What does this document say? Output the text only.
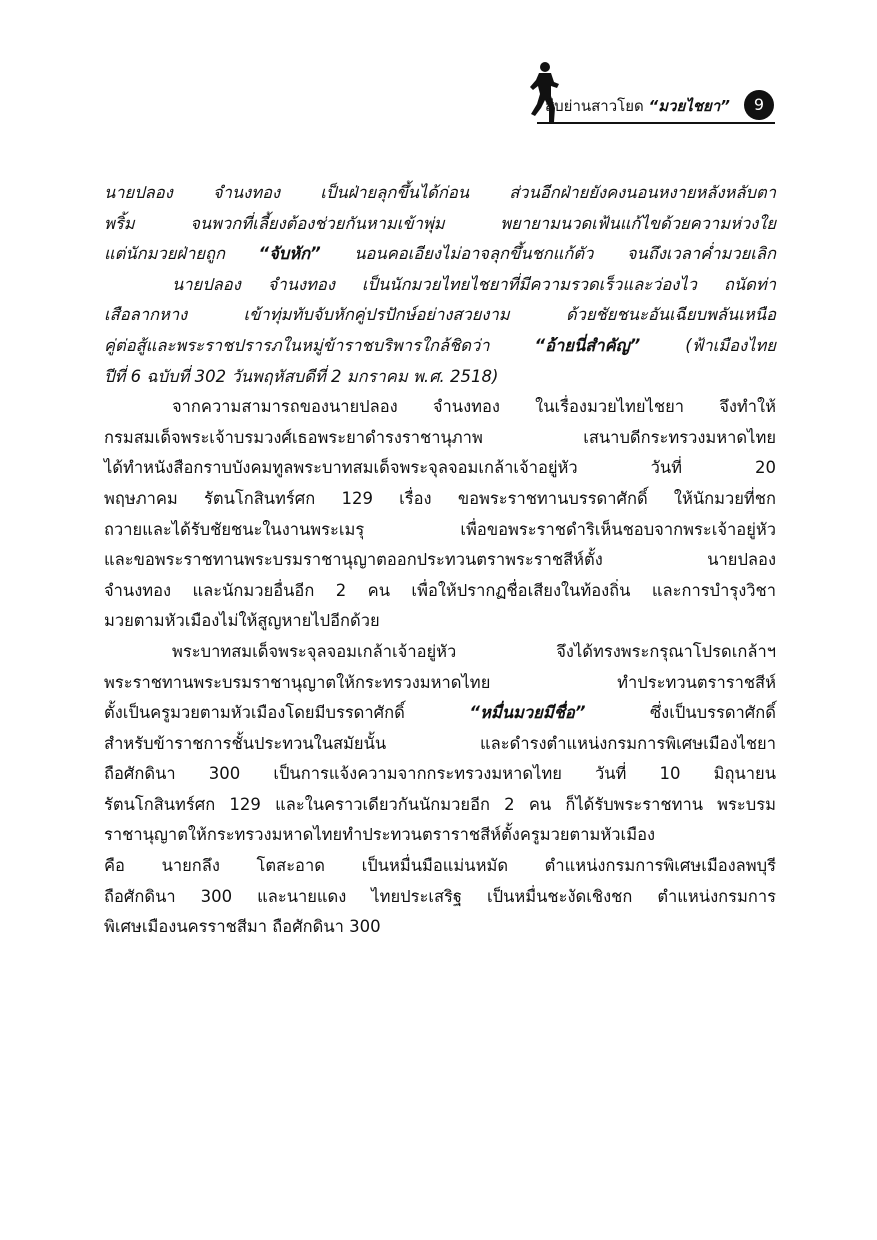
สืบย่านสาวโยด “มวยไชยา”	9
นายปลอง จำนงทอง เป็นฝ่ายลุกขึ้นได้ก่อน ส่วนอีกฝ่ายยังคงนอนหงายหลังหลับตา
พริ้ม จนพวกที่เลี้ยงต้องช่วยกันหามเข้าพุ่ม พยายามนวดเฟ้นแก้ไขด้วยความห่วงใย
แต่นักมวยฝ่ายถูก “จับหัก” นอนคอเอียงไม่อาจลุกขึ้นชกแก้ตัว จนถึงเวลาค่ำมวยเลิก
นายปลอง จำนงทอง เป็นนักมวยไทยไชยาที่มีความรวดเร็วและว่องไว ถนัดท่า
เสือลากหาง เข้าทุ่มทับจับหักคู่ปรปักษ์อย่างสวยงาม ด้วยชัยชนะอันเฉียบพลันเหนือ
คู่ต่อสู้และพระราชปรารภในหมู่ข้าราชบริพารใกล้ชิดว่า “อ้ายนี่สำคัญ” (ฟ้าเมืองไทย
ปีที่ 6 ฉบับที่ 302 วันพฤหัสบดีที่ 2 มกราคม พ.ศ. 2518)
จากความสามารถของนายปลอง จำนงทอง ในเรื่องมวยไทยไชยา จึงทำให้
กรมสมเด็จพระเจ้าบรมวงศ์เธอพระยาดำรงราชานุภาพ เสนาบดีกระทรวงมหาดไทย
ได้ทำหนังสือกราบบังคมทูลพระบาทสมเด็จพระจุลจอมเกล้าเจ้าอยู่หัว วันที่ 20
พฤษภาคม รัตนโกสินทร์ศก 129 เรื่อง ขอพระราชทานบรรดาศักดิ์ ให้นักมวยที่ชก
ถวายและได้รับชัยชนะในงานพระเมรุ เพื่อขอพระราชดำริเห็นชอบจากพระเจ้าอยู่หัว
และขอพระราชทานพระบรมราชานุญาตออกประทวนตราพระราชสีห์ตั้ง นายปลอง
จำนงทอง และนักมวยอื่นอีก 2 คน เพื่อให้ปรากฏชื่อเสียงในท้องถิ่น และการบำรุงวิชา
มวยตามหัวเมืองไม่ให้สูญหายไปอีกด้วย
พระบาทสมเด็จพระจุลจอมเกล้าเจ้าอยู่หัว จึงได้ทรงพระกรุณาโปรดเกล้าฯ
พระราชทานพระบรมราชานุญาตให้กระทรวงมหาดไทย ทำประทวนตราราชสีห์
ตั้งเป็นครูมวยตามหัวเมืองโดยมีบรรดาศักดิ์ “หมื่นมวยมีชื่อ” ซึ่งเป็นบรรดาศักดิ์
สำหรับข้าราชการชั้นประทวนในสมัยนั้น และดำรงตำแหน่งกรมการพิเศษเมืองไชยา
ถือศักดินา 300 เป็นการแจ้งความจากกระทรวงมหาดไทย วันที่ 10 มิถุนายน
รัตนโกสินทร์ศก 129 และในคราวเดียวกันนักมวยอีก 2 คน ก็ได้รับพระราชทาน พระบรม
ราชานุญาตให้กระทรวงมหาดไทยทำประทวนตราราชสีห์ตั้งครูมวยตามหัวเมือง
คือ นายกลึง โตสะอาด เป็นหมื่นมือแม่นหมัด ตำแหน่งกรมการพิเศษเมืองลพบุรี
ถือศักดินา 300 และนายแดง ไทยประเสริฐ เป็นหมื่นชะงัดเชิงชก ตำแหน่งกรมการ
พิเศษเมืองนครราชสีมา ถือศักดินา 300
